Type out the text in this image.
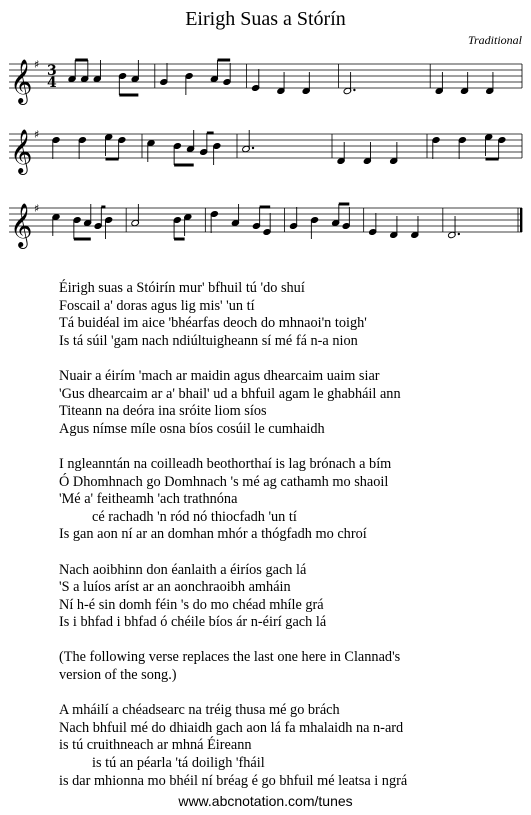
Eirigh Suas a Stórín
Traditional
𝄞 ♯ 3
4
𝄞 ♯
𝄞 ♯
Éirigh suas a Stóirín mur' bfhuil tú 'do shuí
Foscail a' doras agus lig mis' 'un tí
Tá buidéal im aice 'bhéarfas deoch do mhnaoi'n toigh'
Is tá súil 'gam nach ndiúltuigheann sí mé fá n-a nion
Nuair a éirím 'mach ar maidin agus dhearcaim uaim siar
'Gus dhearcaim ar a' bhail' ud a bhfuil agam le ghabháil ann
Titeann na deóra ina sróite liom síos
Agus nímse míle osna bíos cosúil le cumhaidh
I ngleanntán na coilleadh beothorthaí is lag brónach a bím
Ó Dhomhnach go Domhnach 's mé ag cathamh mo shaoil
'Mé a' feitheamh 'ach trathnóna
cé rachadh 'n ród nó thiocfadh 'un tí
Is gan aon ní ar an domhan mhór a thógfadh mo chroí
Nach aoibhinn don éanlaith a éiríos gach lá
'S a luíos aríst ar an aonchraoibh amháin
Ní h-é sin domh féin 's do mo chéad mhíle grá
Is i bhfad i bhfad ó chéile bíos ár n-éirí gach lá
(The following verse replaces the last one here in Clannad's
version of the song.)
A mháilí a chéadsearc na tréig thusa mé go brách
Nach bhfuil mé do dhiaidh gach aon lá fa mhalaidh na n-ard
is tú cruithneach ar mhná Éireann
is tú an péarla 'tá doiligh 'fháil
is dar mhionna mo bhéil ní bréag é go bhfuil mé leatsa i ngrá
www.abcnotation.com/tunes
